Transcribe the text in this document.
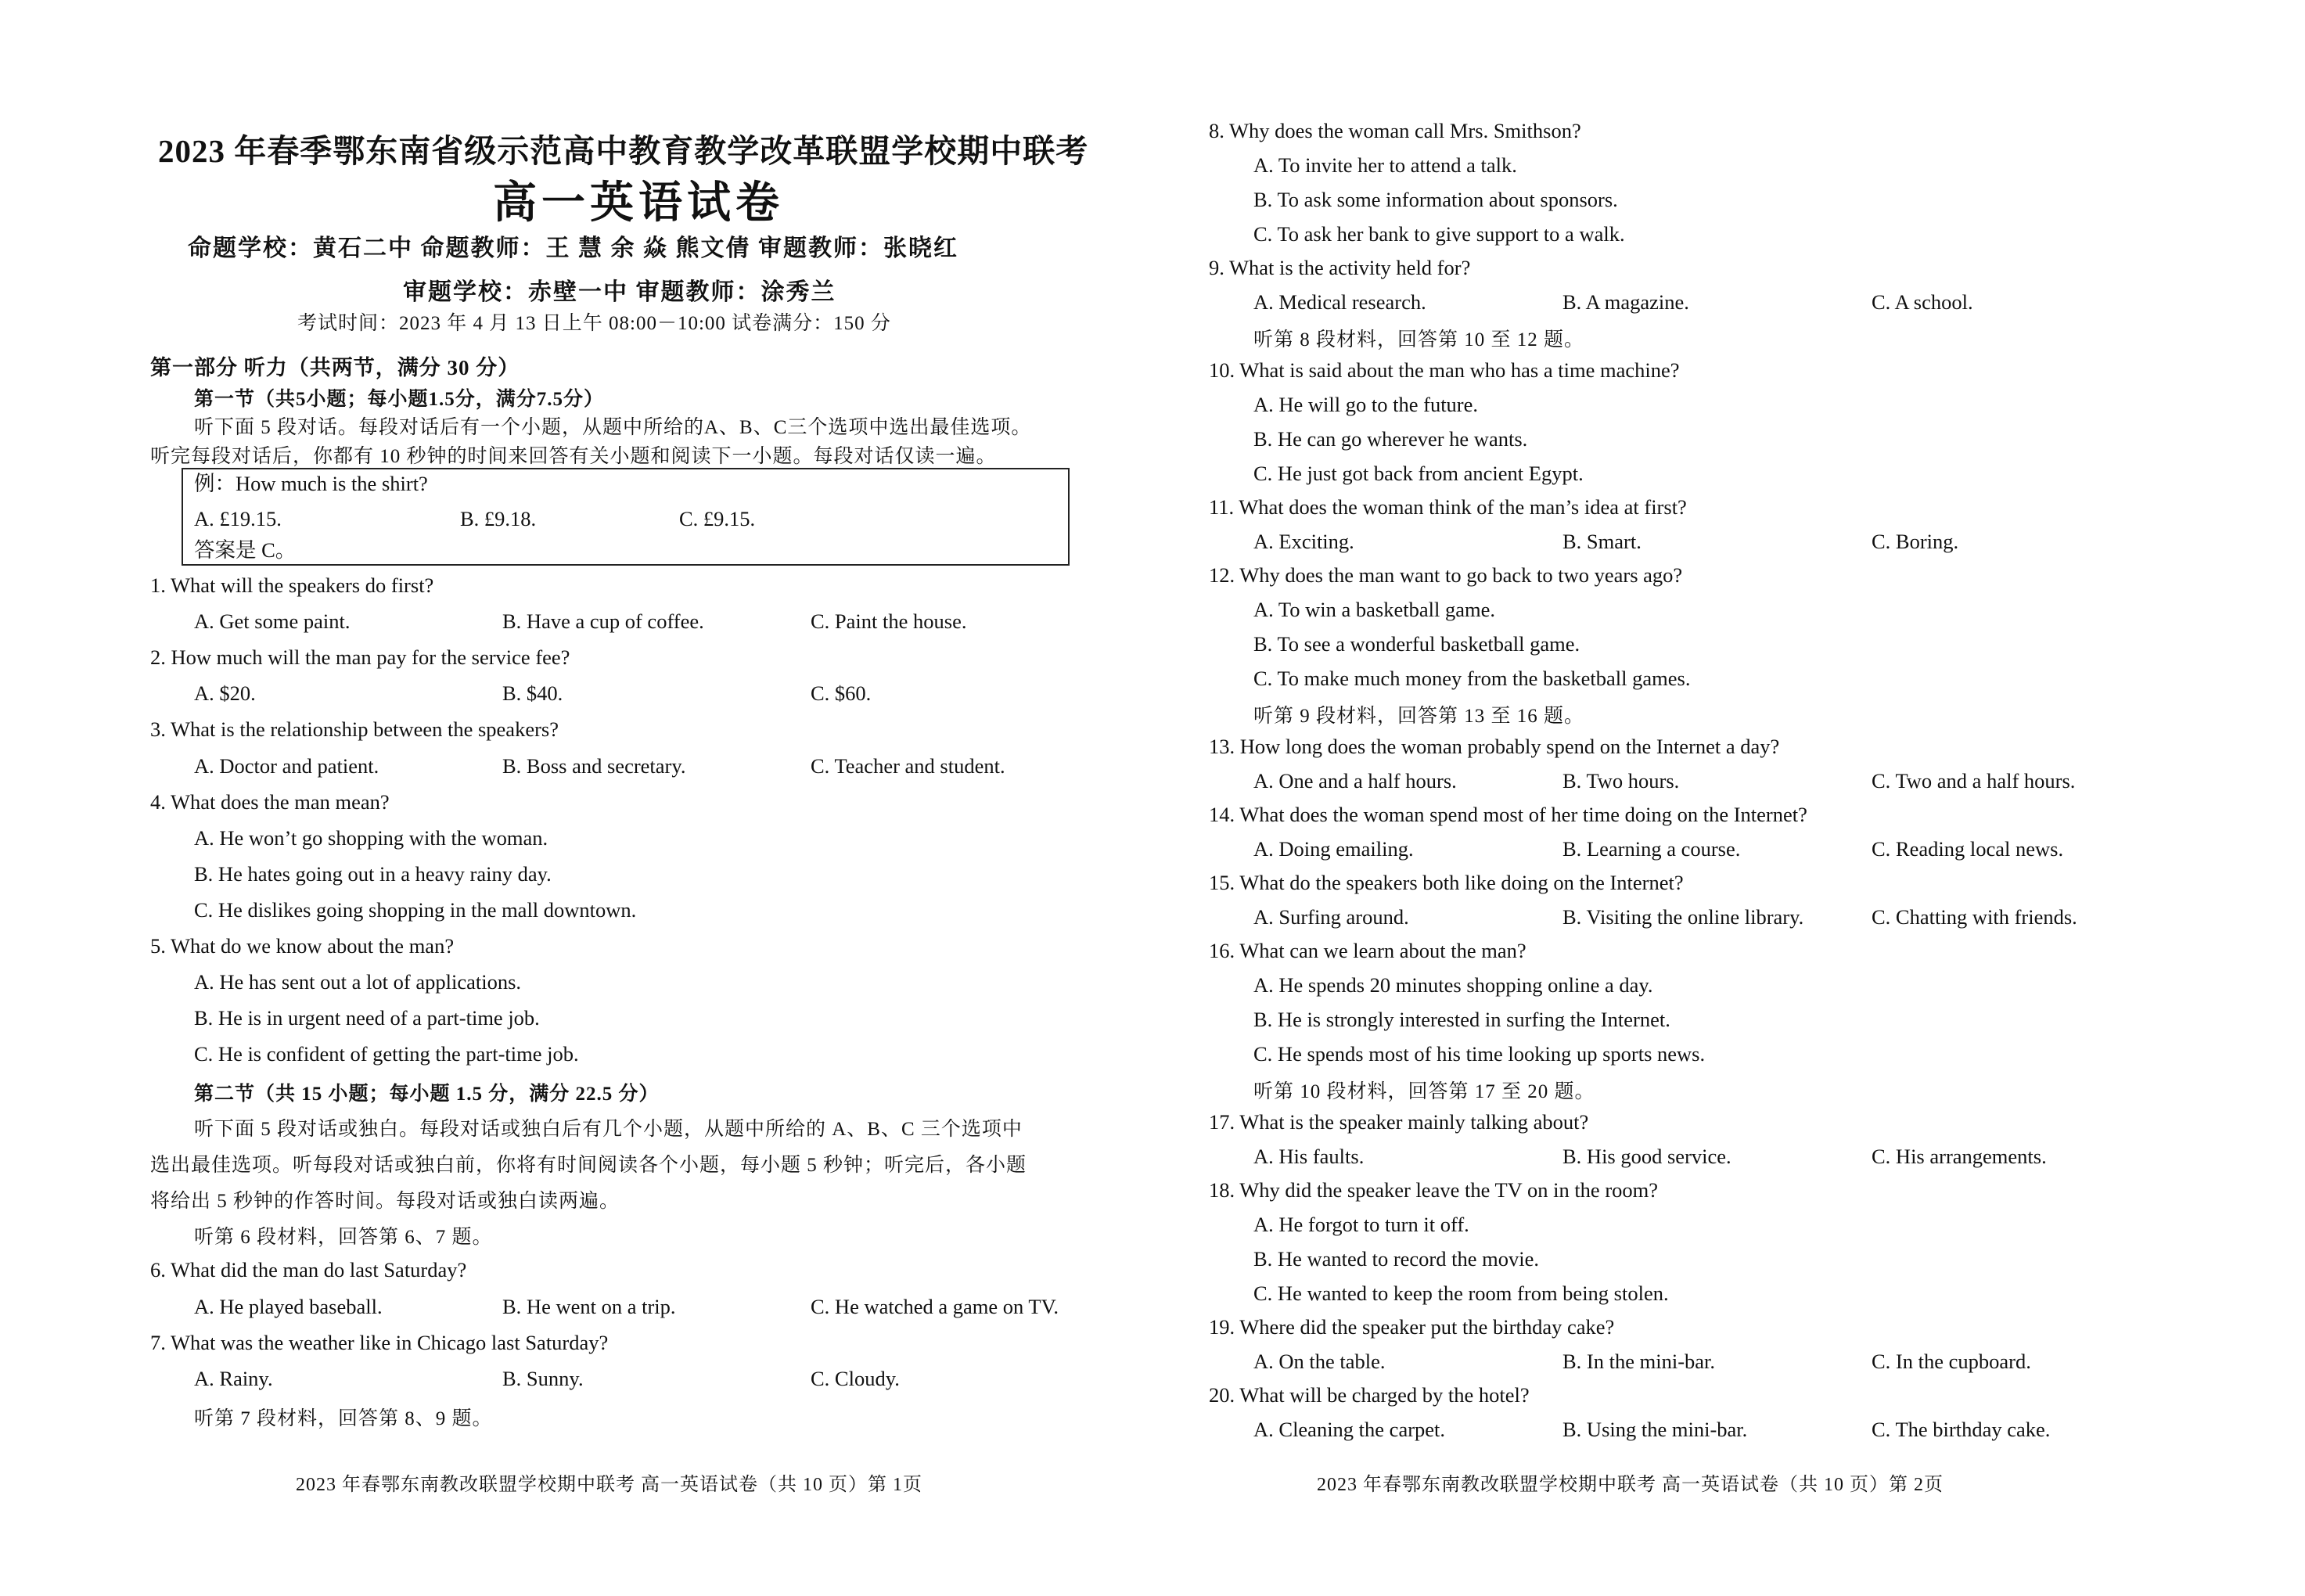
2023 年春季鄂东南省级示范高中教育教学改革联盟学校期中联考
高一英语试卷
命题学校：黄石二中 命题教师：王 慧 余 焱 熊文倩 审题教师：张晓红
审题学校：赤壁一中 审题教师：涂秀兰
考试时间：2023 年 4 月 13 日上午 08:00－10:00 试卷满分：150 分
第一部分 听力（共两节，满分 30 分）
第一节（共5小题；每小题1.5分，满分7.5分）
听下面 5 段对话。每段对话后有一个小题，从题中所给的A、B、C三个选项中选出最佳选项。
听完每段对话后，你都有 10 秒钟的时间来回答有关小题和阅读下一小题。每段对话仅读一遍。
例：How much is the shirt?
A. £19.15.	B. £9.18.	C. £9.15.
答案是 C。
1. What will the speakers do first?
A. Get some paint.	B. Have a cup of coffee.	C. Paint the house.
2. How much will the man pay for the service fee?
A. $20.	B. $40.	C. $60.
3. What is the relationship between the speakers?
A. Doctor and patient.	B. Boss and secretary.	C. Teacher and student.
4. What does the man mean?
A. He won’t go shopping with the woman.
B. He hates going out in a heavy rainy day.
C. He dislikes going shopping in the mall downtown.
5. What do we know about the man?
A. He has sent out a lot of applications.
B. He is in urgent need of a part-time job.
C. He is confident of getting the part-time job.
第二节（共 15 小题；每小题 1.5 分，满分 22.5 分）
听下面 5 段对话或独白。每段对话或独白后有几个小题，从题中所给的 A、B、C 三个选项中
选出最佳选项。听每段对话或独白前，你将有时间阅读各个小题，每小题 5 秒钟；听完后，各小题
将给出 5 秒钟的作答时间。每段对话或独白读两遍。
听第 6 段材料，回答第 6、7 题。
6. What did the man do last Saturday?
A. He played baseball.	B. He went on a trip.	C. He watched a game on TV.
7. What was the weather like in Chicago last Saturday?
A. Rainy.	B. Sunny.	C. Cloudy.
听第 7 段材料，回答第 8、9 题。
2023 年春鄂东南教改联盟学校期中联考 高一英语试卷（共 10 页）第 1页
8. Why does the woman call Mrs. Smithson?
A. To invite her to attend a talk.
B. To ask some information about sponsors.
C. To ask her bank to give support to a walk.
9. What is the activity held for?
A. Medical research.	B. A magazine.	C. A school.
听第 8 段材料，回答第 10 至 12 题。
10. What is said about the man who has a time machine?
A. He will go to the future.
B. He can go wherever he wants.
C. He just got back from ancient Egypt.
11. What does the woman think of the man’s idea at first?
A. Exciting.	B. Smart.	C. Boring.
12. Why does the man want to go back to two years ago?
A. To win a basketball game.
B. To see a wonderful basketball game.
C. To make much money from the basketball games.
听第 9 段材料，回答第 13 至 16 题。
13. How long does the woman probably spend on the Internet a day?
A. One and a half hours.	B. Two hours.	C. Two and a half hours.
14. What does the woman spend most of her time doing on the Internet?
A. Doing emailing.	B. Learning a course.	C. Reading local news.
15. What do the speakers both like doing on the Internet?
A. Surfing around.	B. Visiting the online library.	C. Chatting with friends.
16. What can we learn about the man?
A. He spends 20 minutes shopping online a day.
B. He is strongly interested in surfing the Internet.
C. He spends most of his time looking up sports news.
听第 10 段材料，回答第 17 至 20 题。
17. What is the speaker mainly talking about?
A. His faults.	B. His good service.	C. His arrangements.
18. Why did the speaker leave the TV on in the room?
A. He forgot to turn it off.
B. He wanted to record the movie.
C. He wanted to keep the room from being stolen.
19. Where did the speaker put the birthday cake?
A. On the table.	B. In the mini-bar.	C. In the cupboard.
20. What will be charged by the hotel?
A. Cleaning the carpet.	B. Using the mini-bar.	C. The birthday cake.
2023 年春鄂东南教改联盟学校期中联考 高一英语试卷（共 10 页）第 2页
